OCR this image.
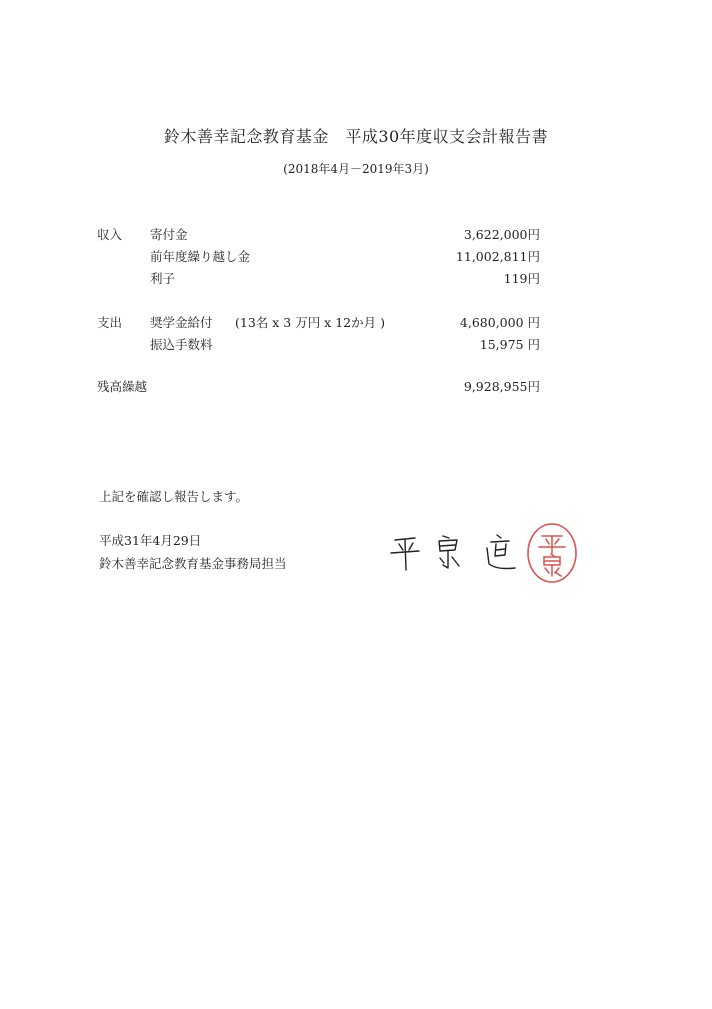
鈴木善幸記念教育基金　平成30年度収支会計報告書
(2018年4月－2019年3月)
収入 寄付金	3,622,000円
前年度繰り越し金	11,002,811円
利子	119円
支出 奨学金給付 (13名 x 3 万円 x 12か月 )	4,680,000 円
振込手数料	15,975 円
残高繰越	9,928,955円
上記を確認し報告します。
平成31年4月29日
鈴木善幸記念教育基金事務局担当
